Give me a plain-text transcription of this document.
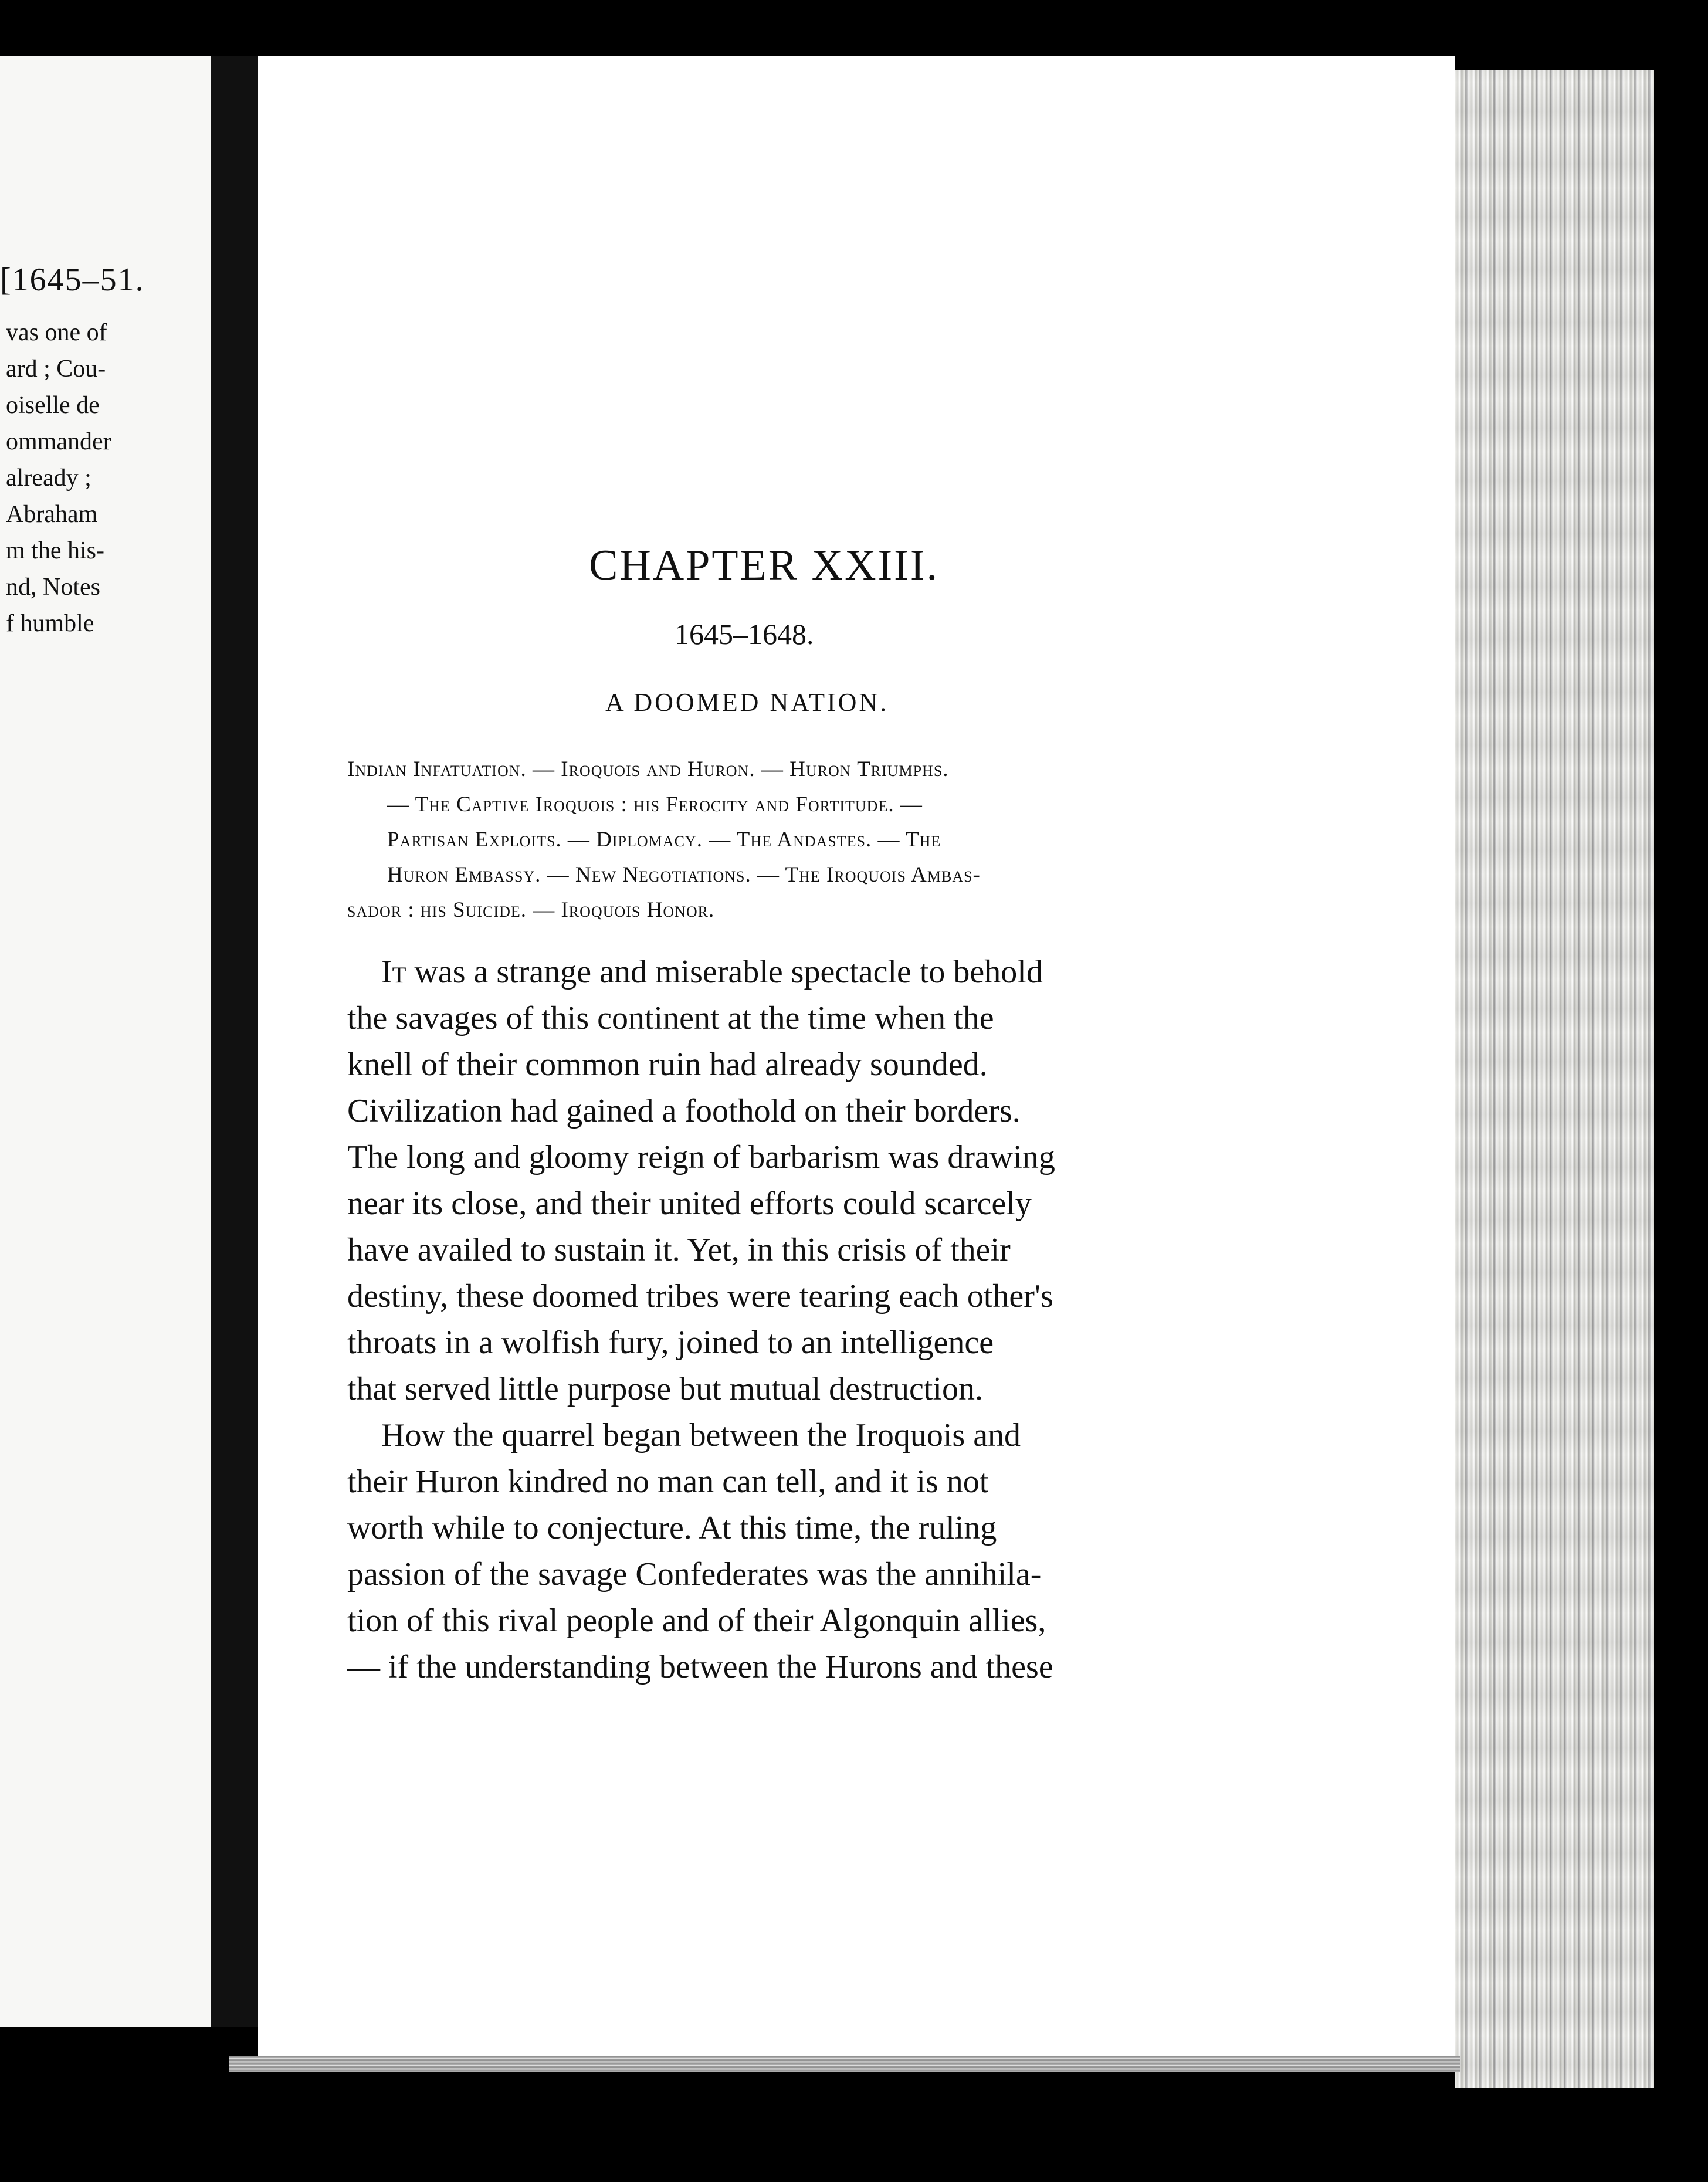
[1645–51.
vas one of
ard ; Cou-
oiselle de
ommander
already ;
Abraham
m the his-
nd, Notes
f humble
CHAPTER XXIII.
1645–1648.
A DOOMED NATION.
Indian Infatuation. — Iroquois and Huron. — Huron Triumphs.
— The Captive Iroquois : his Ferocity and Fortitude. —
Partisan Exploits. — Diplomacy. — The Andastes. — The
Huron Embassy. — New Negotiations. — The Iroquois Ambas-
sador : his Suicide. — Iroquois Honor.
It was a strange and miserable spectacle to behold
the savages of this continent at the time when the
knell of their common ruin had already sounded.
Civilization had gained a foothold on their borders.
The long and gloomy reign of barbarism was drawing
near its close, and their united efforts could scarcely
have availed to sustain it. Yet, in this crisis of their
destiny, these doomed tribes were tearing each other's
throats in a wolfish fury, joined to an intelligence
that served little purpose but mutual destruction.
How the quarrel began between the Iroquois and
their Huron kindred no man can tell, and it is not
worth while to conjecture. At this time, the ruling
passion of the savage Confederates was the annihila-
tion of this rival people and of their Algonquin allies,
— if the understanding between the Hurons and these
